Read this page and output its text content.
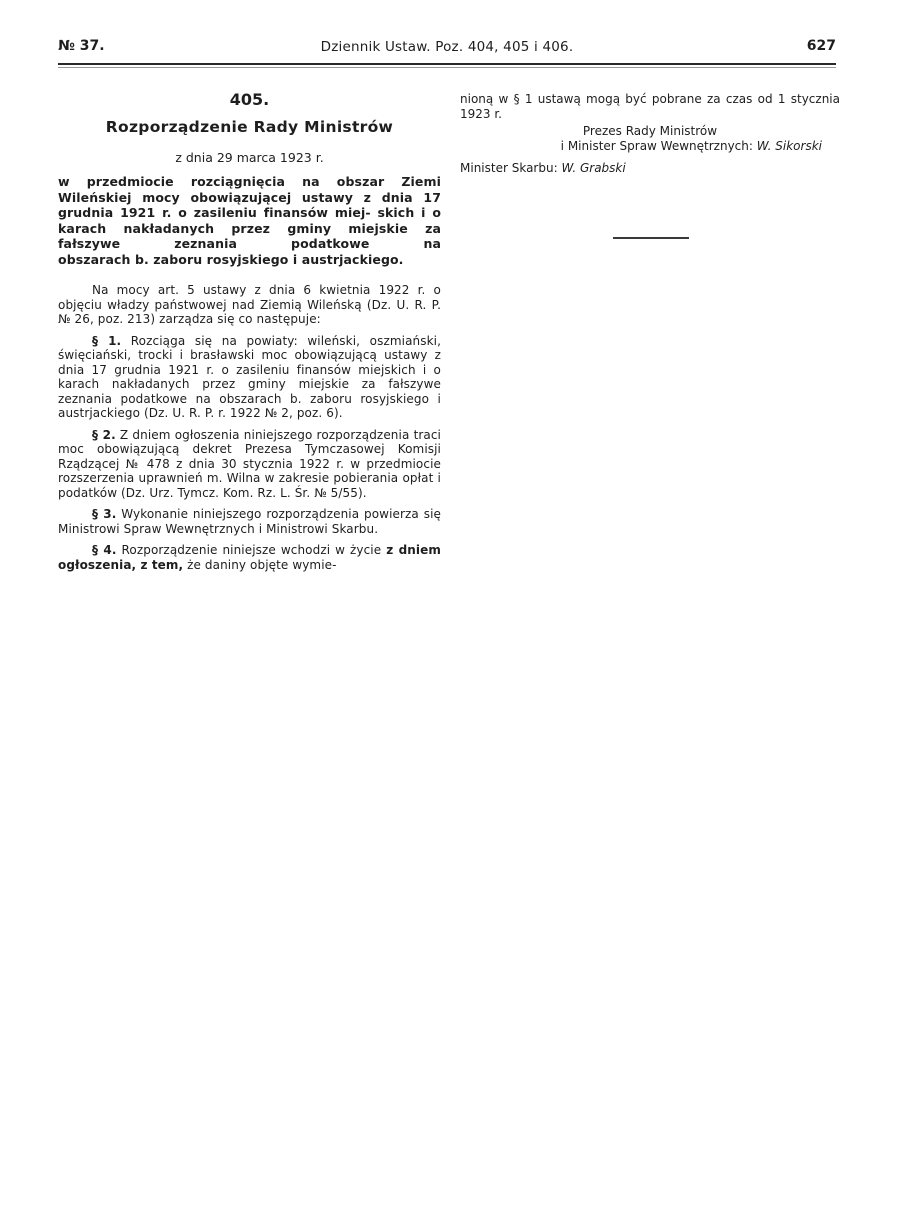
№ 37.	Dziennik Ustaw. Poz. 404, 405 i 406.	627
405.
Rozporządzenie Rady Ministrów
z dnia 29 marca 1923 r.
w przedmiocie rozciągnięcia na obszar Ziemi Wileńskiej mocy obowiązującej ustawy z dnia 17 grudnia 1921 r. o zasileniu finansów miej- skich i o karach nakładanych przez gminy miejskie za fałszywe zeznania podatkowe na
obszarach b. zaboru rosyjskiego i austrjackiego.

Na mocy art. 5 ustawy z dnia 6 kwietnia 1922 r. o objęciu władzy państwowej nad Ziemią Wileńską (Dz. U. R. P. № 26, poz. 213) zarządza się co następuje:

§ 1. Rozciąga się na powiaty: wileński, oszmiański, święciański, trocki i brasławski moc obowiązującą ustawy z dnia 17 grudnia 1921 r. o zasileniu finansów miejskich i o karach nakładanych przez gminy miejskie za fałszywe zeznania podatkowe na obszarach b. zaboru rosyjskiego i austrjackiego (Dz. U. R. P. r. 1922 № 2, poz. 6).

§ 2. Z dniem ogłoszenia niniejszego rozporządzenia traci moc obowiązującą dekret Prezesa Tymczasowej Komisji Rządzącej № 478 z dnia 30 stycznia 1922 r. w przedmiocie rozszerzenia uprawnień m. Wilna w zakresie pobierania opłat i podatków (Dz. Urz. Tymcz. Kom. Rz. L. Śr. № 5/55).

§ 3. Wykonanie niniejszego rozporządzenia powierza się Ministrowi Spraw Wewnętrznych i Ministrowi Skarbu.

§ 4. Rozporządzenie niniejsze wchodzi w życie z dniem ogłoszenia, z tem, że daniny objęte wymie-

nioną w § 1 ustawą mogą być pobrane za czas od 1 stycznia 1923 r.

Prezes Rady Ministrów
i Minister Spraw Wewnętrznych: W. Sikorski
Minister Skarbu: W. Grabski
